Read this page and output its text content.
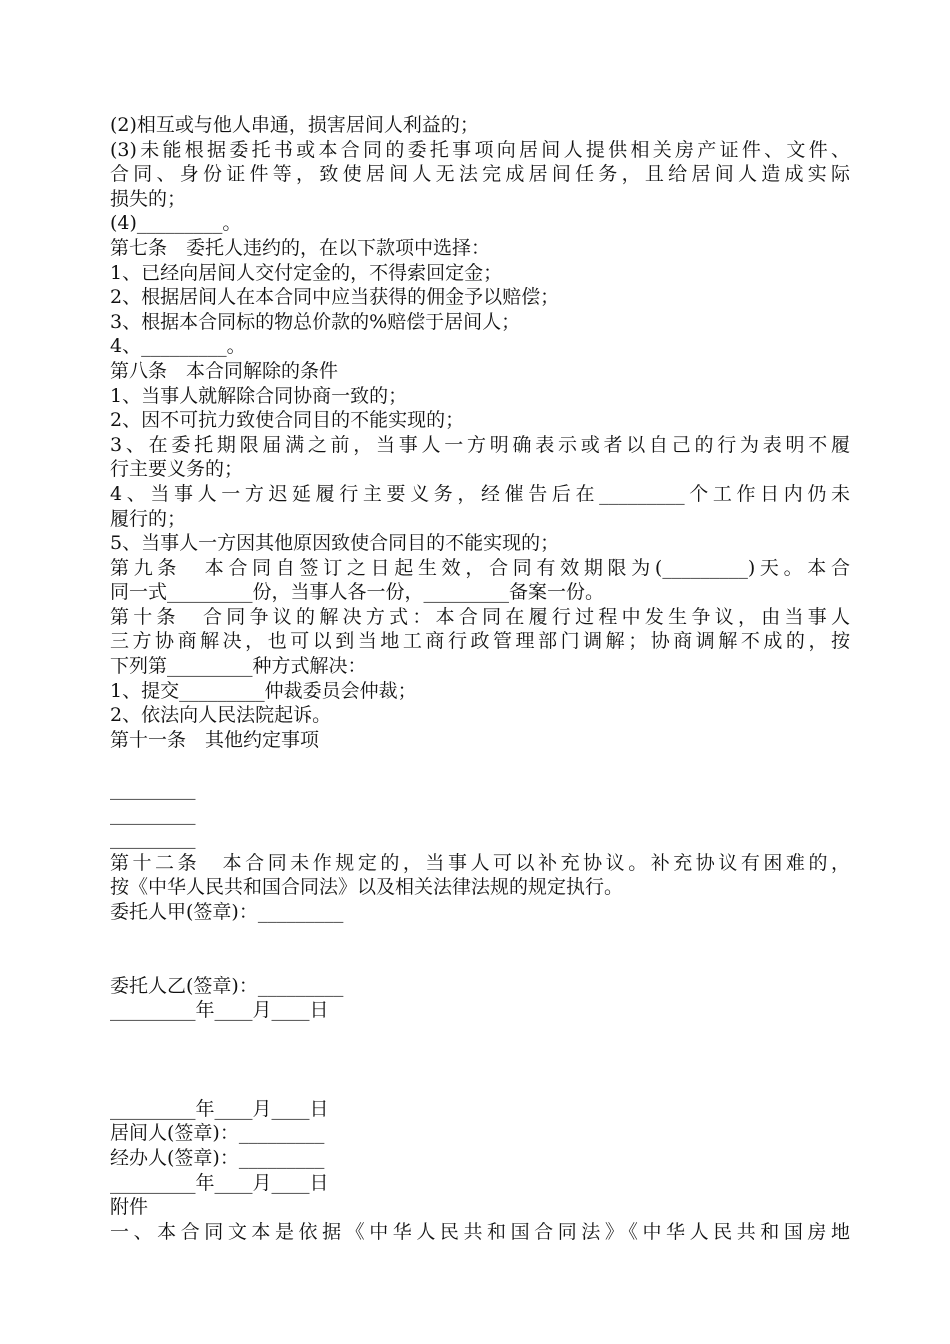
(2)相互或与他人串通，损害居间人利益的；
(3)未能根据委托书或本合同的委托事项向居间人提供相关房产证件、文件、
合同、身份证件等，致使居间人无法完成居间任务，且给居间人造成实际
损失的；
(4)_________。
第七条　委托人违约的，在以下款项中选择：
1、已经向居间人交付定金的，不得索回定金；
2、根据居间人在本合同中应当获得的佣金予以赔偿；
3、根据本合同标的物总价款的%赔偿于居间人；
4、_________。
第八条　本合同解除的条件
1、当事人就解除合同协商一致的；
2、因不可抗力致使合同目的不能实现的；
3、在委托期限届满之前，当事人一方明确表示或者以自己的行为表明不履
行主要义务的；
4、当事人一方迟延履行主要义务，经催告后在_________个工作日内仍未
履行的；
5、当事人一方因其他原因致使合同目的不能实现的；
第九条　本合同自签订之日起生效，合同有效期限为(_________)天。本合
同一式_________份，当事人各一份，_________备案一份。
第十条　合同争议的解决方式：本合同在履行过程中发生争议，由当事人
三方协商解决，也可以到当地工商行政管理部门调解；协商调解不成的，按
下列第_________种方式解决：
1、提交_________仲裁委员会仲裁；
2、依法向人民法院起诉。
第十一条　其他约定事项
_________
_________
_________
第十二条　本合同未作规定的，当事人可以补充协议。补充协议有困难的，
按《中华人民共和国合同法》以及相关法律法规的规定执行。
委托人甲(签章)：_________
委托人乙(签章)：_________
_________年____月____日
_________年____月____日
居间人(签章)：_________
经办人(签章)：_________
_________年____月____日
附件
一、本合同文本是依据《中华人民共和国合同法》《中华人民共和国房地
